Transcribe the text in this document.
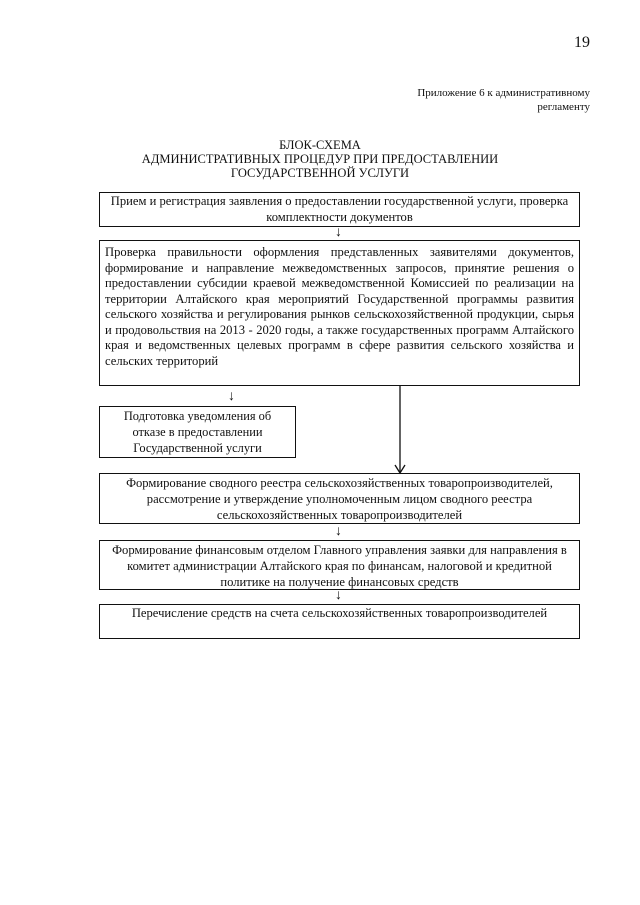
19
Приложение 6 к административному
регламенту
БЛОК-СХЕМА
АДМИНИСТРАТИВНЫХ ПРОЦЕДУР ПРИ ПРЕДОСТАВЛЕНИИ
ГОСУДАРСТВЕННОЙ УСЛУГИ
Прием и регистрация заявления о предоставлении государственной услуги, проверка комплектности документов
↓
Проверка правильности оформления представленных заявителями документов, формирование и направление межведомственных запросов, принятие решения о предоставлении субсидии краевой межведомственной Комиссией по реализации на территории Алтайского края мероприятий Государственной программы развития сельского хозяйства и регулирования рынков сельскохозяйственной продукции, сырья и продовольствия на 2013 - 2020 годы, а также государственных программ Алтайского края и ведомственных целевых программ в сфере развития сельского хозяйства и сельских территорий
↓
Подготовка уведомления об отказе в предоставлении Государственной услуги
Формирование сводного реестра сельскохозяйственных товаропроизводителей, рассмотрение и утверждение уполномоченным лицом сводного реестра сельскохозяйственных товаропроизводителей
↓
Формирование финансовым отделом Главного управления заявки для направления в комитет администрации Алтайского края по финансам, налоговой и кредитной политике на получение финансовых средств
↓
Перечисление средств на счета сельскохозяйственных товаропроизводителей
